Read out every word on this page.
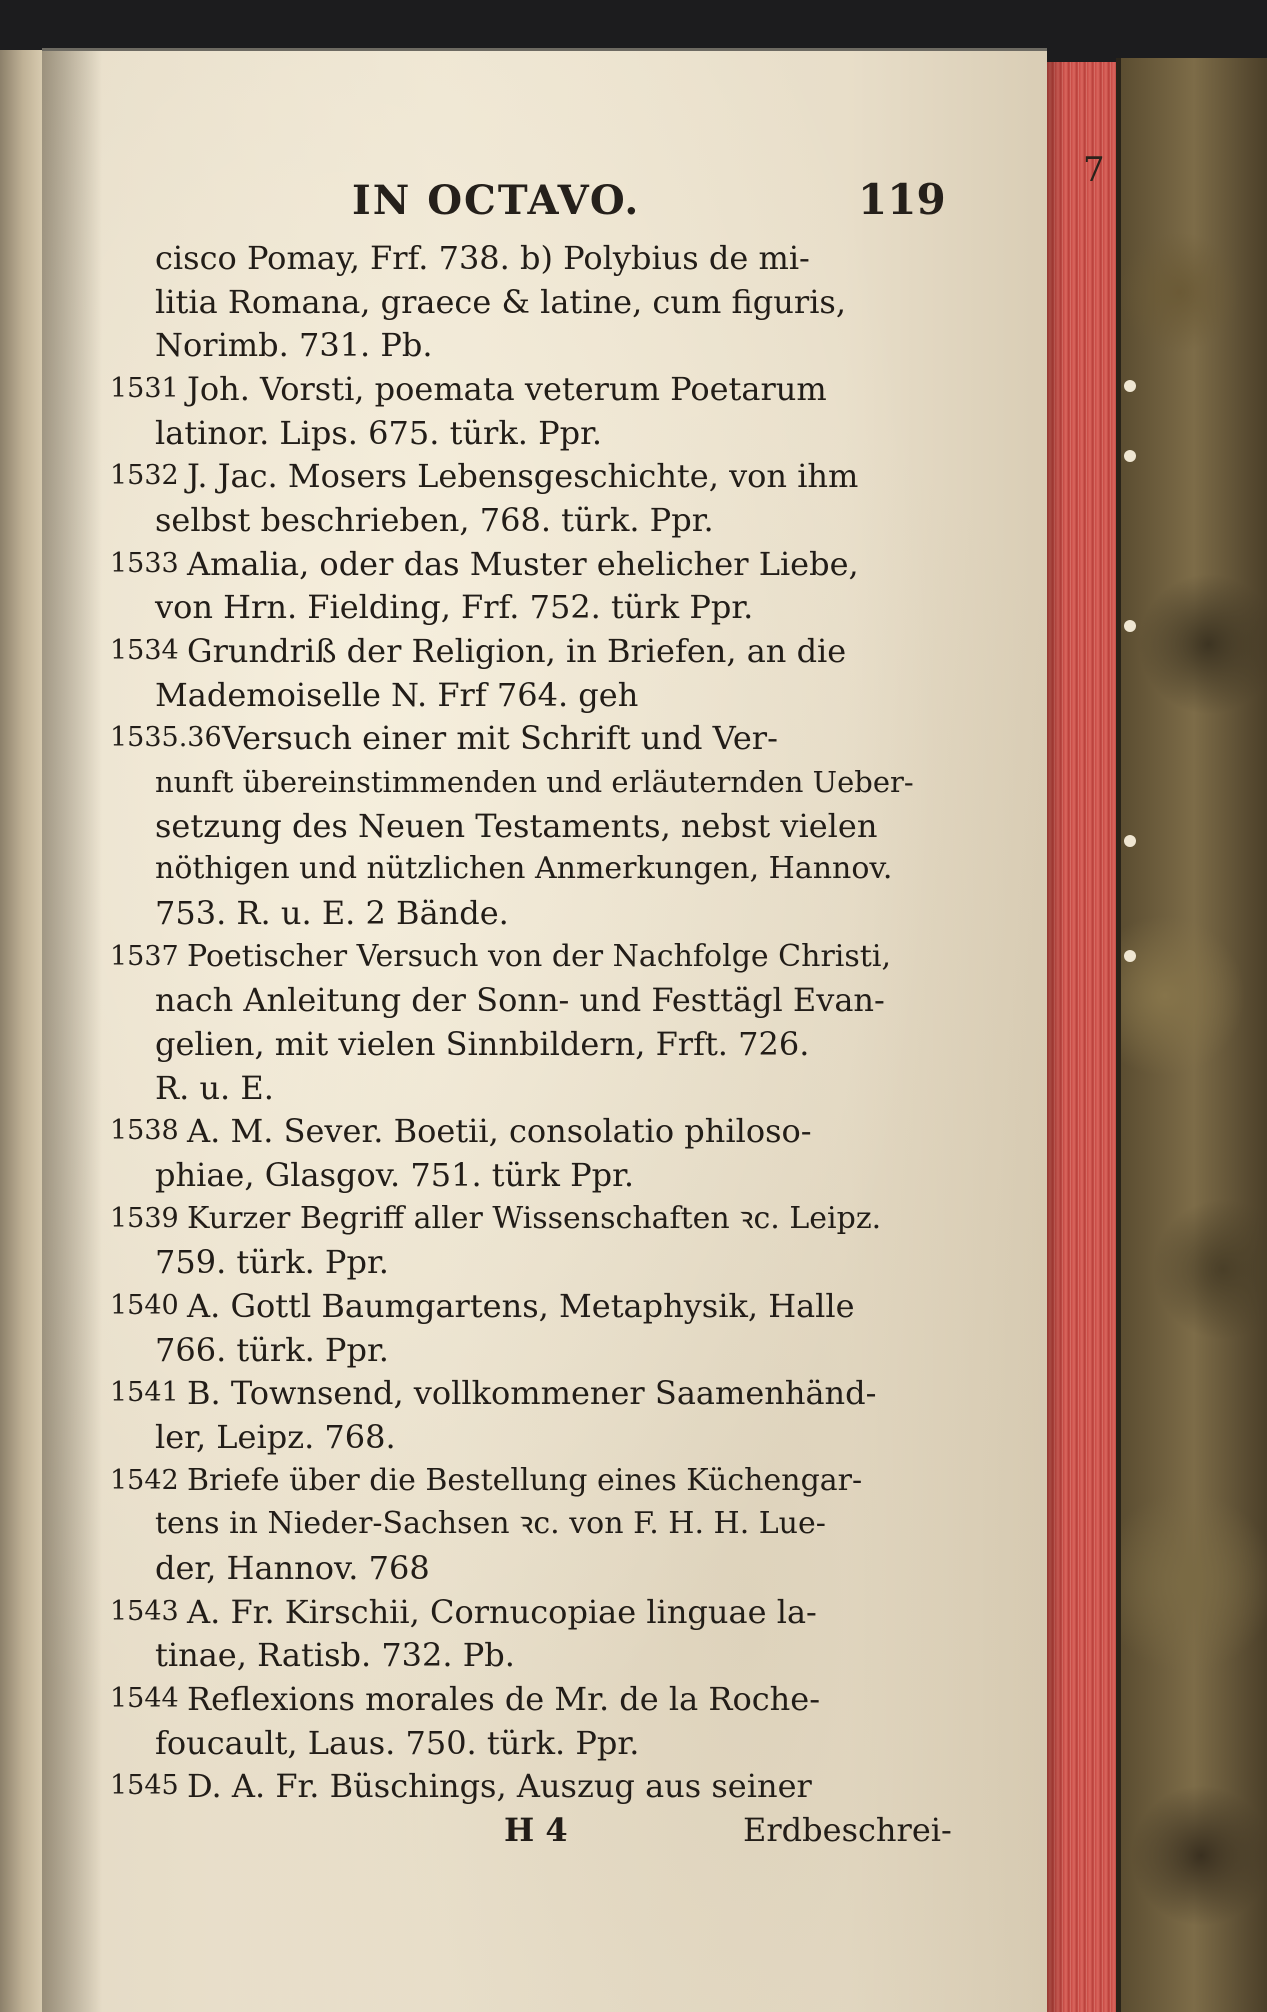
IN OCTAVO.	119
cisco Pomay, Frf. 738. b) Polybius de mi-
litia Romana, graece & latine, cum figuris,
Norimb. 731. Pb.
1531 Joh. Vorsti, poemata veterum Poetarum
latinor. Lips. 675. türk. Ppr.
1532 J. Jac. Mosers Lebensgeschichte, von ihm
selbst beschrieben, 768. türk. Ppr.
1533 Amalia, oder das Muster ehelicher Liebe,
von Hrn. Fielding, Frf. 752. türk Ppr.
1534 Grundriß der Religion, in Briefen, an die
Mademoiselle N. Frf 764. geh
1535.36 Versuch einer mit Schrift und Ver-
nunft übereinstimmenden und erläuternden Ueber-
setzung des Neuen Testaments, nebst vielen
nöthigen und nützlichen Anmerkungen, Hannov.
753. R. u. E. 2 Bände.
1537 Poetischer Versuch von der Nachfolge Christi,
nach Anleitung der Sonn- und Festtägl Evan-
gelien, mit vielen Sinnbildern, Frft. 726.
R. u. E.
1538 A. M. Sever. Boetii, consolatio philoso-
phiae, Glasgov. 751. türk Ppr.
1539 Kurzer Begriff aller Wissenschaften ꝛc. Leipz.
759. türk. Ppr.
1540 A. Gottl Baumgartens, Metaphysik, Halle
766. türk. Ppr.
1541 B. Townsend, vollkommener Saamenhänd-
ler, Leipz. 768.
1542 Briefe über die Bestellung eines Küchengar-
tens in Nieder-Sachsen ꝛc. von F. H. H. Lue-
der, Hannov. 768
1543 A. Fr. Kirschii, Cornucopiae linguae la-
tinae, Ratisb. 732. Pb.
1544 Reflexions morales de Mr. de la Roche-
foucault, Laus. 750. türk. Ppr.
1545 D. A. Fr. Büschings, Auszug aus seiner
H 4	Erdbeschrei-
7
